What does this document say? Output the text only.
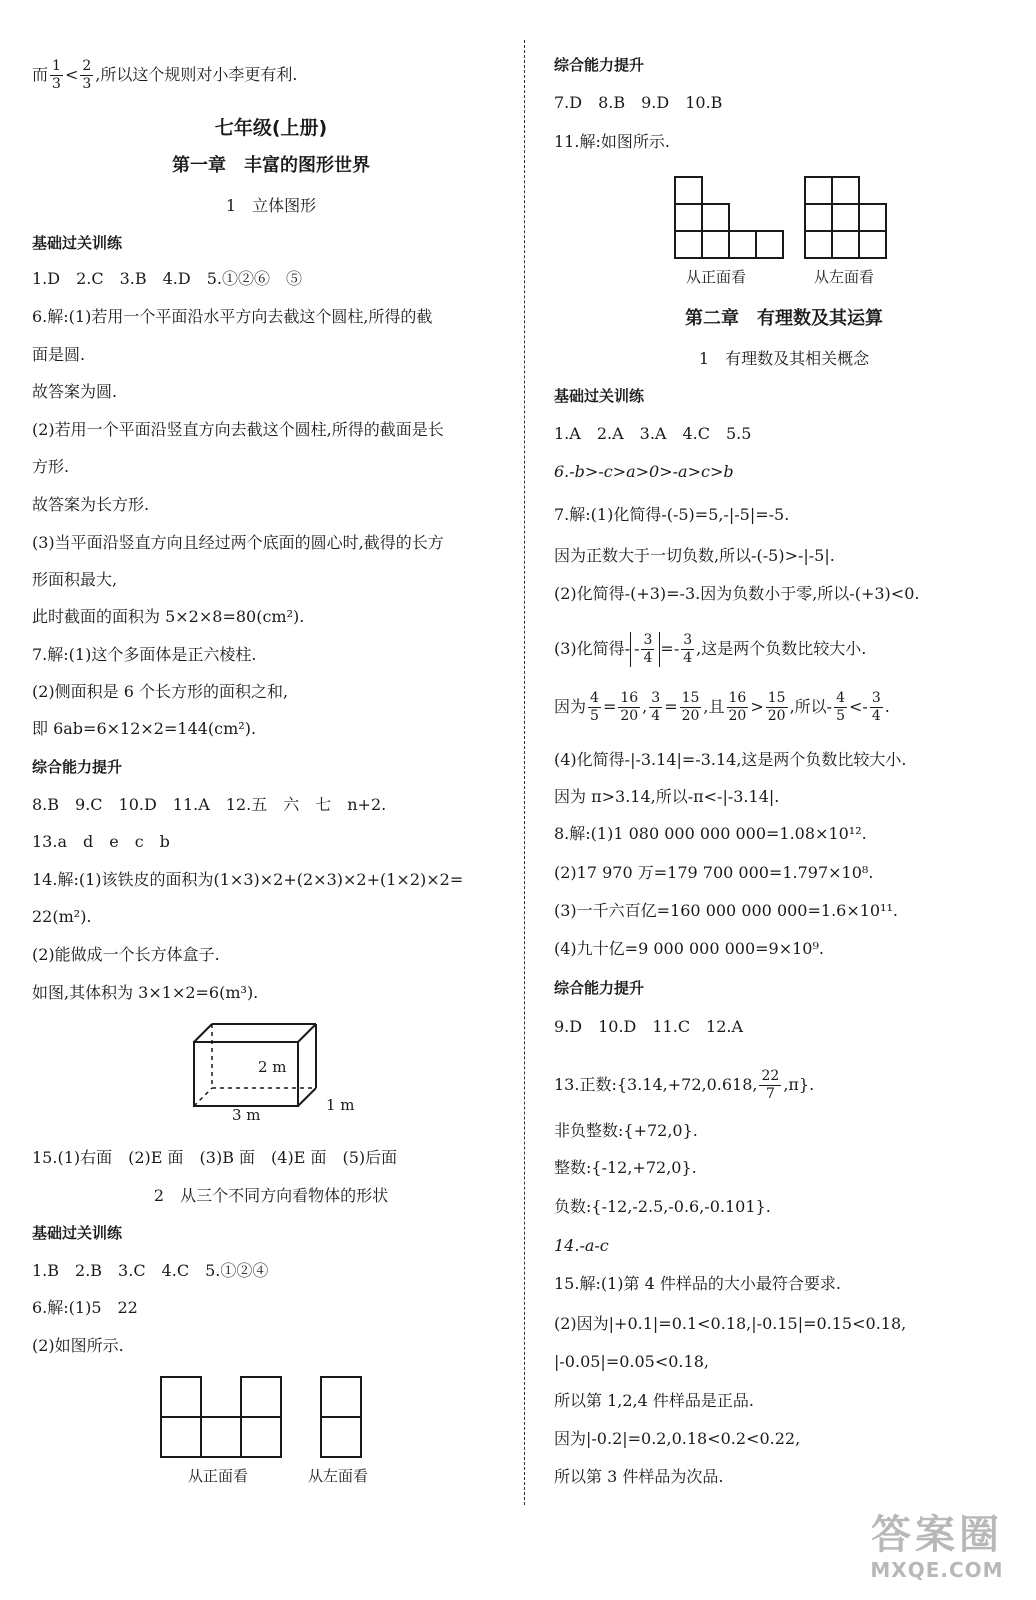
而 $\frac{1}{3} < \frac{2}{3}$ ,所以这个规则对小李更有利.
七年级(上册)
第一章　丰富的图形世界
1　立体图形
基础过关训练
1.D　2.C　3.B　4.D　5.①②⑥　⑤
6.解:(1)若用一个平面沿水平方向去截这个圆柱,所得的截
面是圆.
故答案为圆.
(2)若用一个平面沿竖直方向去截这个圆柱,所得的截面是长
方形.
故答案为长方形.
(3)当平面沿竖直方向且经过两个底面的圆心时,截得的长方
形面积最大,
此时截面的面积为 5×2×8=80(cm²).
7.解:(1)这个多面体是正六棱柱.
(2)侧面积是 6 个长方形的面积之和,
即 6ab=6×12×2=144(cm²).
综合能力提升
8.B　9.C　10.D　11.A　12.五　六　七　n+2.
13.a　d　e　c　b
14.解:(1)该铁皮的面积为(1×3)×2+(2×3)×2+(1×2)×2=
22(m²).
(2)能做成一个长方体盒子.
如图,其体积为 3×1×2=6(m³).
2 m
3 m
1 m
15.(1)右面　(2)E 面　(3)B 面　(4)E 面　(5)后面
2　从三个不同方向看物体的形状
基础过关训练
1.B　2.B　3.C　4.C　5.①②④
6.解:(1)5　22
(2)如图所示.
从正面看	从左面看
综合能力提升
7.D　8.B　9.D　10.B
11.解:如图所示.
从正面看	从左面看
第二章　有理数及其运算
1　有理数及其相关概念
基础过关训练
1.A　2.A　3.A　4.C　5.5
6.-b>-c>a>0>-a>c>b
7.解:(1)化简得-(-5)=5,-|-5|=-5.
因为正数大于一切负数,所以-(-5)>-|-5|.
(2)化简得-(+3)=-3.因为负数小于零,所以-(+3)<0.
(3)化简得- - $\frac{3}{4} =- \frac{3}{4}$ ,这是两个负数比较大小.
因为 $\frac{4}{5} = \frac{16}{20}$ , $\frac{3}{4} = \frac{15}{20}$ ,且 $\frac{16}{20} > \frac{15}{20}$ ,所以- $\frac{4}{5} <- \frac{3}{4}$ .
(4)化简得-|-3.14|=-3.14,这是两个负数比较大小.
因为 π>3.14,所以-π<-|-3.14|.
8.解:(1)1 080 000 000 000=1.08×10¹².
(2)17 970 万=179 700 000=1.797×10⁸.
(3)一千六百亿=160 000 000 000=1.6×10¹¹.
(4)九十亿=9 000 000 000=9×10⁹.
综合能力提升
9.D　10.D　11.C　12.A
13.正数:{3.14,+72,0.618, $\frac{22}{7} ,\pi$}.
非负整数:{+72,0}.
整数:{-12,+72,0}.
负数:{-12,-2.5,-0.6,-0.101}.
14.-a-c
15.解:(1)第 4 件样品的大小最符合要求.
(2)因为|+0.1|=0.1<0.18,|-0.15|=0.15<0.18,
|-0.05|=0.05<0.18,
所以第 1,2,4 件样品是正品.
因为|-0.2|=0.2,0.18<0.2<0.22,
所以第 3 件样品为次品.
答案圈
MXQE.COM
